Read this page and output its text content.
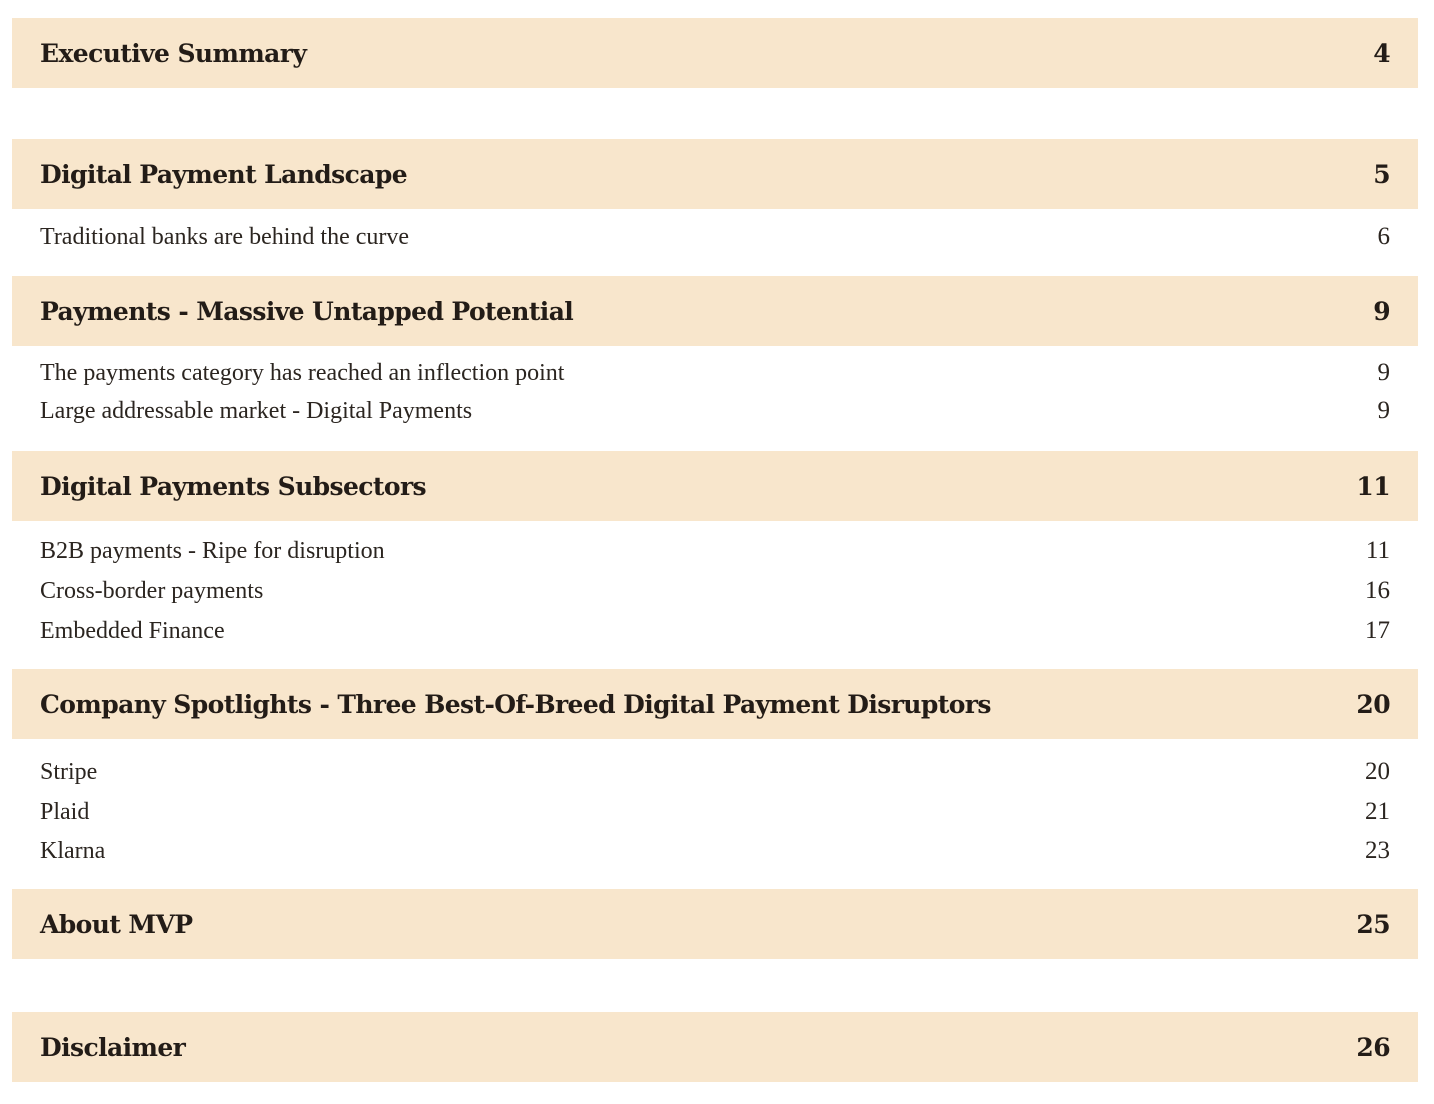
Executive Summary	4
Digital Payment Landscape	5
Traditional banks are behind the curve	6
Payments - Massive Untapped Potential	9
The payments category has reached an inflection point	9
Large addressable market - Digital Payments	9
Digital Payments Subsectors	11
B2B payments - Ripe for disruption	11
Cross-border payments	16
Embedded Finance	17
Company Spotlights - Three Best-Of-Breed Digital Payment Disruptors	20
Stripe	20
Plaid	21
Klarna	23
About MVP	25
Disclaimer	26
